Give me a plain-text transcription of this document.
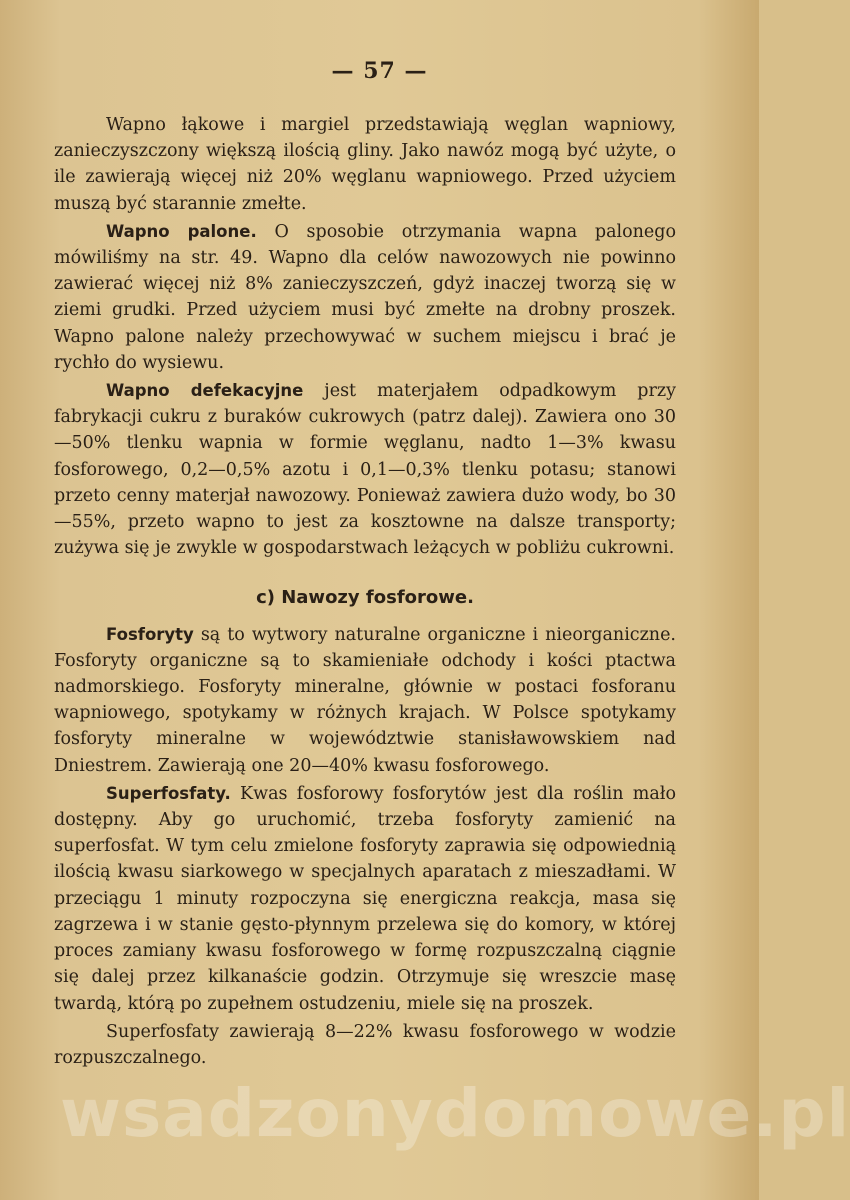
— 57 —

Wapno łąkowe i margiel przedstawiają węglan wapniowy, zanieczyszczony większą ilością gliny. Jako nawóz mogą być użyte, o ile zawierają więcej niż 20% węglanu wapniowego. Przed użyciem muszą być starannie zmełte.

Wapno palone. O sposobie otrzymania wapna palonego mówiliśmy na str. 49. Wapno dla celów nawozowych nie powinno zawierać więcej niż 8% zanieczyszczeń, gdyż inaczej tworzą się w ziemi grudki. Przed użyciem musi być zmełte na drobny proszek. Wapno palone należy przechowywać w suchem miejscu i brać je rychło do wysiewu.

Wapno defekacyjne jest materjałem odpadkowym przy fabrykacji cukru z buraków cukrowych (patrz dalej). Zawiera ono 30—50% tlenku wapnia w formie węglanu, nadto 1—3% kwasu fosforowego, 0,2—0,5% azotu i 0,1—0,3% tlenku potasu; stanowi przeto cenny materjał nawozowy. Ponieważ zawiera dużo wody, bo 30—55%, przeto wapno to jest za kosztowne na dalsze transporty; zużywa się je zwykle w gospodarstwach leżących w pobliżu cukrowni.

c) Nawozy fosforowe.

Fosforyty są to wytwory naturalne organiczne i nieorganiczne. Fosforyty organiczne są to skamieniałe odchody i kości ptactwa nadmorskiego. Fosforyty mineralne, głównie w postaci fosforanu wapniowego, spotykamy w różnych krajach. W Polsce spotykamy fosforyty mineralne w województwie stanisławowskiem nad Dniestrem. Zawierają one 20—40% kwasu fosforowego.

Superfosfaty. Kwas fosforowy fosforytów jest dla roślin mało dostępny. Aby go uruchomić, trzeba fosforyty zamienić na superfosfat. W tym celu zmielone fosforyty zaprawia się odpowiednią ilością kwasu siarkowego w specjalnych aparatach z mieszadłami. W przeciągu 1 minuty rozpoczyna się energiczna reakcja, masa się zagrzewa i w stanie gęsto-płynnym przelewa się do komory, w której proces zamiany kwasu fosforowego w formę rozpuszczalną ciągnie się dalej przez kilkanaście godzin. Otrzymuje się wreszcie masę twardą, którą po zupełnem ostudzeniu, miele się na proszek.

Superfosfaty zawierają 8—22% kwasu fosforowego w wodzie rozpuszczalnego.

wsadzonydomowe.pl
